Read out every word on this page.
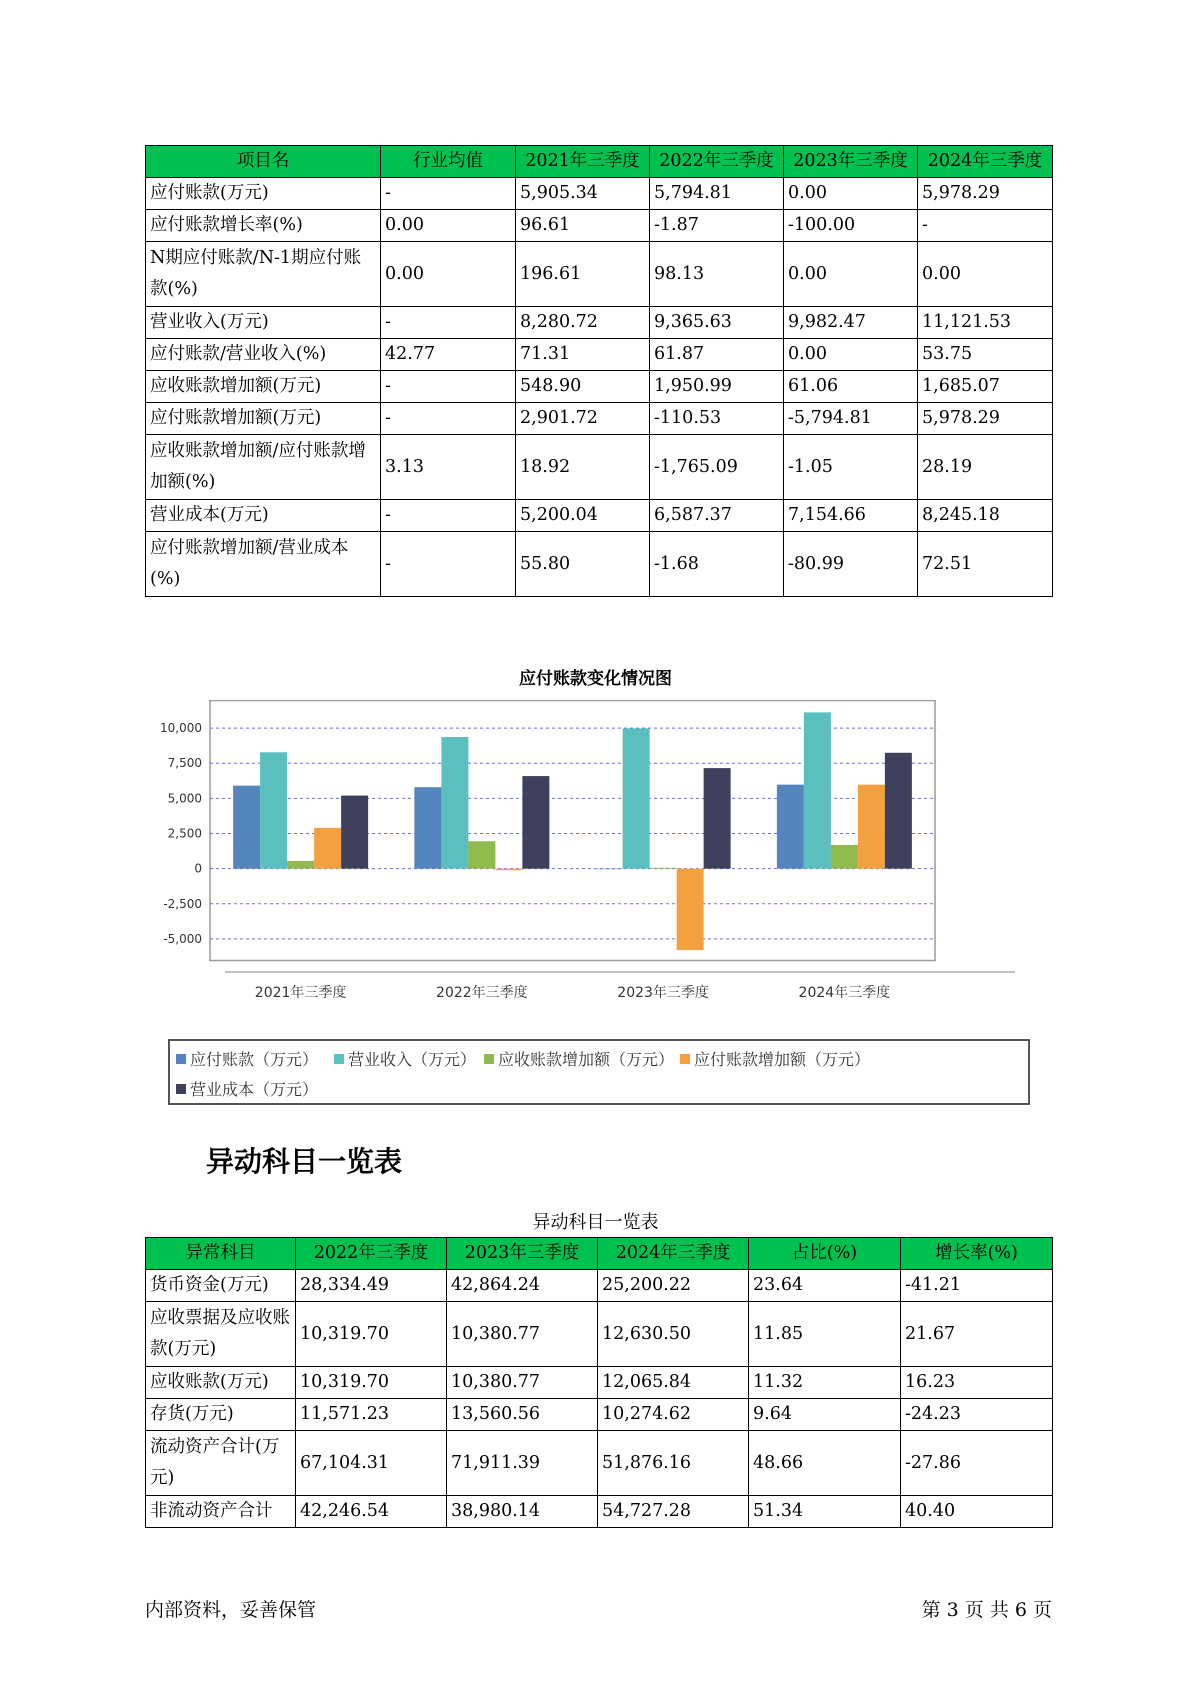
项目名	行业均值	2021年三季度	2022年三季度	2023年三季度	2024年三季度
应付账款(万元)	-	5,905.34	5,794.81	0.00	5,978.29
应付账款增长率(%)	0.00	96.61	-1.87	-100.00	-
N期应付账款/N-1期应付账款(%)	0.00	196.61	98.13	0.00	0.00
营业收入(万元)	-	8,280.72	9,365.63	9,982.47	11,121.53
应付账款/营业收入(%)	42.77	71.31	61.87	0.00	53.75
应收账款增加额(万元)	-	548.90	1,950.99	61.06	1,685.07
应付账款增加额(万元)	-	2,901.72	-110.53	-5,794.81	5,978.29
应收账款增加额/应付账款增加额(%)	3.13	18.92	-1,765.09	-1.05	28.19
营业成本(万元)	-	5,200.04	6,587.37	7,154.66	8,245.18
应付账款增加额/营业成本(%)	-	55.80	-1.68	-80.99	72.51
应付账款变化情况图
10,000
7,500
5,000
2,500
0
-2,500
-5,000
2021年三季度	2022年三季度	2023年三季度	2024年三季度
应付账款（万元） 营业收入（万元） 应收账款增加额（万元） 应付账款增加额（万元）
营业成本（万元）
异动科目一览表
异动科目一览表
异常科目	2022年三季度	2023年三季度	2024年三季度	占比(%)	增长率(%)
货币资金(万元)	28,334.49	42,864.24	25,200.22	23.64	-41.21
应收票据及应收账款(万元)	10,319.70	10,380.77	12,630.50	11.85	21.67
应收账款(万元)	10,319.70	10,380.77	12,065.84	11.32	16.23
存货(万元)	11,571.23	13,560.56	10,274.62	9.64	-24.23
流动资产合计(万元)	67,104.31	71,911.39	51,876.16	48.66	-27.86
非流动资产合计	42,246.54	38,980.14	54,727.28	51.34	40.40
内部资料，妥善保管	第 3 页 共 6 页
